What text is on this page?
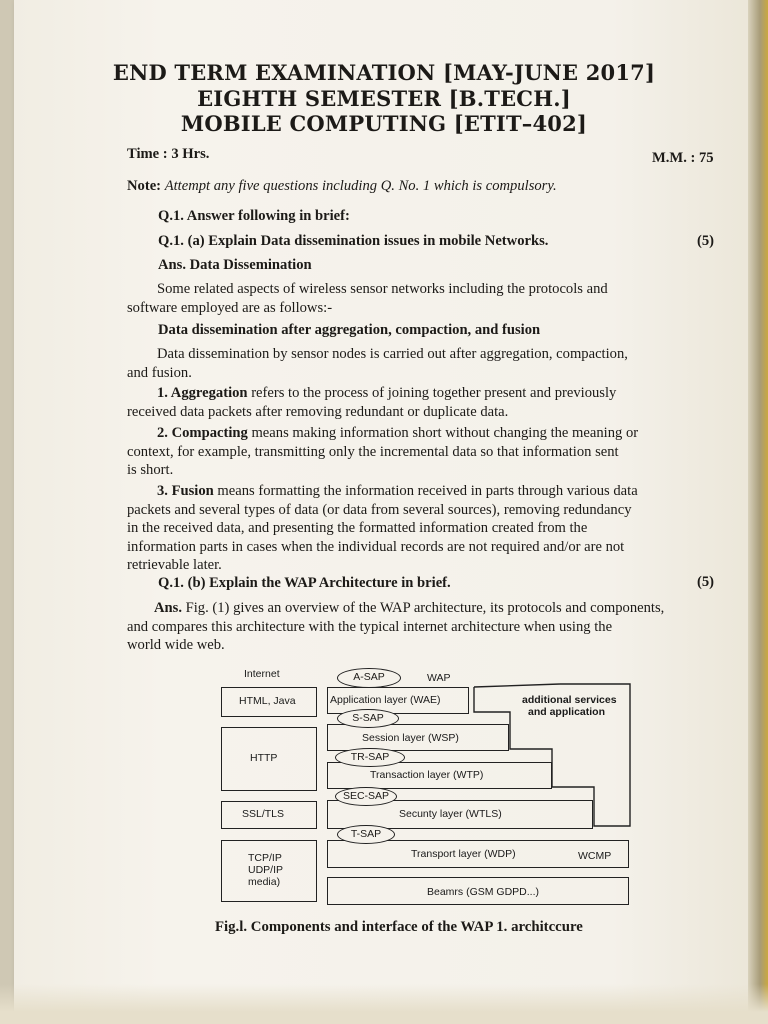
END TERM EXAMINATION [MAY-JUNE 2017]
EIGHTH SEMESTER [B.TECH.]
MOBILE COMPUTING [ETIT–402]
Time : 3 Hrs.	M.M. : 75
Note: Attempt any five questions including Q. No. 1 which is compulsory.
Q.1. Answer following in brief:
Q.1. (a) Explain Data dissemination issues in mobile Networks.	(5)
Ans. Data Dissemination
Some related aspects of wireless sensor networks including the protocols and
software employed are as follows:-
Data dissemination after aggregation, compaction, and fusion
Data dissemination by sensor nodes is carried out after aggregation, compaction,
and fusion.
1. Aggregation refers to the process of joining together present and previously
received data packets after removing redundant or duplicate data.
2. Compacting means making information short without changing the meaning or
context, for example, transmitting only the incremental data so that information sent
is short.
3. Fusion means formatting the information received in parts through various data
packets and several types of data (or data from several sources), removing redundancy
in the received data, and presenting the formatted information created from the
information parts in cases when the individual records are not required and/or are not
retrievable later.
Q.1. (b) Explain the WAP Architecture in brief.	(5)
Ans. Fig. (1) gives an overview of the WAP architecture, its protocols and components,
and compares this architecture with the typical internet architecture when using the
world wide web.
Internet	WAP
HTML, Java
HTTP
SSL/TLS
TCP/IP
UDP/IP
media)
Application layer (WAE)
Session layer (WSP)
Transaction layer (WTP)
Secunty layer (WTLS)
Transport layer (WDP)	WCMP
Beamrs (GSM GDPD...)
additional services
and application
A-SAP
S-SAP
TR-SAP
SEC-SAP
T-SAP
Fig.l. Components and interface of the WAP 1. architccure
